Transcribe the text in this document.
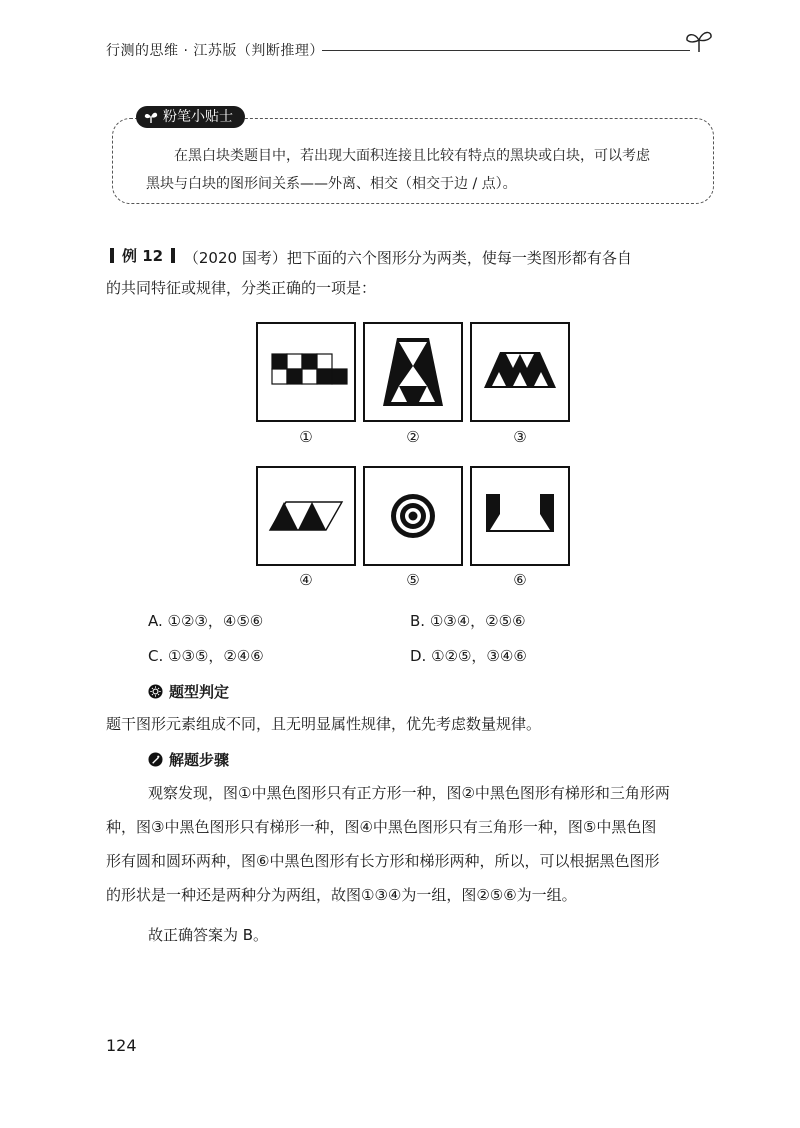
行测的思维 · 江苏版（判断推理）
粉笔小贴士
在黑白块类题目中，若出现大面积连接且比较有特点的黑块或白块，可以考虑
黑块与白块的图形间关系——外离、相交（相交于边 / 点）。
例 12 （2020 国考）把下面的六个图形分为两类，使每一类图形都有各自
的共同特征或规律，分类正确的一项是：
①	②	③
④	⑤	⑥
A. ①②③，④⑤⑥	B. ①③④，②⑤⑥
C. ①③⑤，②④⑥	D. ①②⑤，③④⑥
题型判定
题干图形元素组成不同，且无明显属性规律，优先考虑数量规律。
解题步骤
观察发现，图①中黑色图形只有正方形一种，图②中黑色图形有梯形和三角形两
种，图③中黑色图形只有梯形一种，图④中黑色图形只有三角形一种，图⑤中黑色图
形有圆和圆环两种，图⑥中黑色图形有长方形和梯形两种，所以，可以根据黑色图形
的形状是一种还是两种分为两组，故图①③④为一组，图②⑤⑥为一组。
故正确答案为 B。
124
